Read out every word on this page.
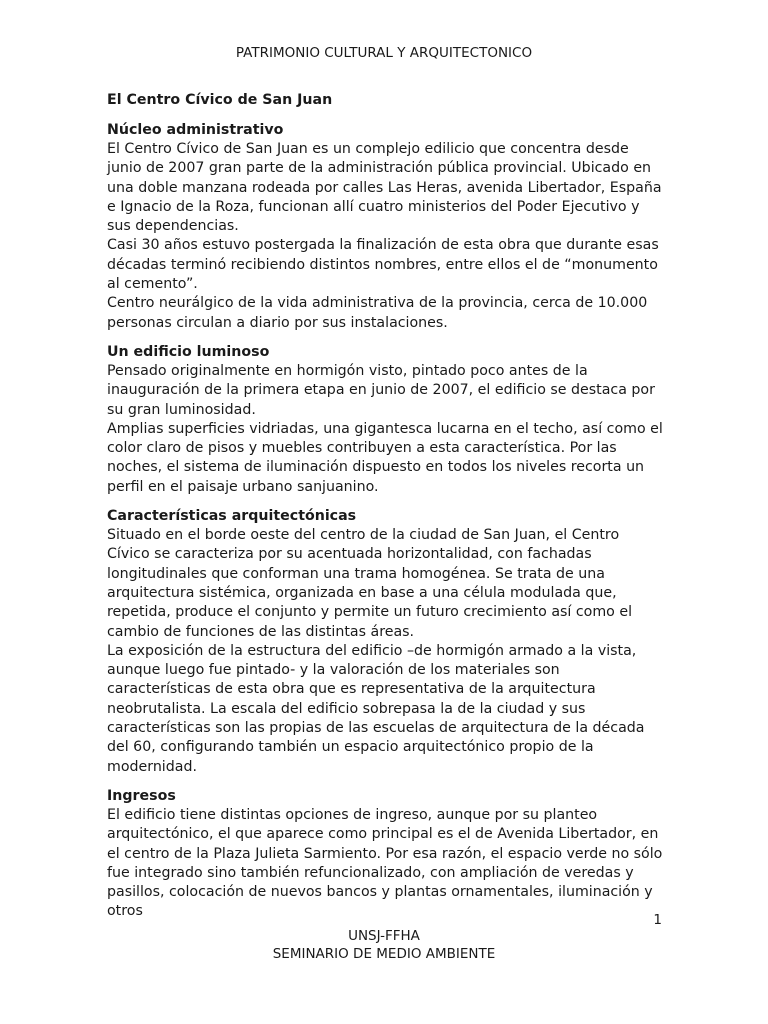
PATRIMONIO CULTURAL Y ARQUITECTONICO
El Centro Cívico de San Juan
Núcleo administrativo

El Centro Cívico de San Juan es un complejo edilicio que concentra desde junio de 2007 gran parte de la administración pública provincial. Ubicado en una doble manzana rodeada por calles Las Heras, avenida Libertador, España e Ignacio de la Roza, funcionan allí cuatro ministerios del Poder Ejecutivo y sus dependencias.

Casi 30 años estuvo postergada la finalización de esta obra que durante esas décadas terminó recibiendo distintos nombres, entre ellos el de “monumento al cemento”.

Centro neurálgico de la vida administrativa de la provincia, cerca de 10.000 personas circulan a diario por sus instalaciones.

Un edificio luminoso

Pensado originalmente en hormigón visto, pintado poco antes de la inauguración de la primera etapa en junio de 2007, el edificio se destaca por su gran luminosidad.

Amplias superficies vidriadas, una gigantesca lucarna en el techo, así como el color claro de pisos y muebles contribuyen a esta característica. Por las noches, el sistema de iluminación dispuesto en todos los niveles recorta un perfil en el paisaje urbano sanjuanino.

Características arquitectónicas

Situado en el borde oeste del centro de la ciudad de San Juan, el Centro Cívico se caracteriza por su acentuada horizontalidad, con fachadas longitudinales que conforman una trama homogénea. Se trata de una arquitectura sistémica, organizada en base a una célula modulada que, repetida, produce el conjunto y permite un futuro crecimiento así como el cambio de funciones de las distintas áreas.

La exposición de la estructura del edificio –de hormigón armado a la vista, aunque luego fue pintado- y la valoración de los materiales son características de esta obra que es representativa de la arquitectura neobrutalista. La escala del edificio sobrepasa la de la ciudad y sus características son las propias de las escuelas de arquitectura de la década del 60, configurando también un espacio arquitectónico propio de la modernidad.

Ingresos

El edificio tiene distintas opciones de ingreso, aunque por su planteo arquitectónico, el que aparece como principal es el de Avenida Libertador, en el centro de la Plaza Julieta Sarmiento. Por esa razón, el espacio verde no sólo fue integrado sino también refuncionalizado, con ampliación de veredas y pasillos, colocación de nuevos bancos y plantas ornamentales, iluminación y otros

1
UNSJ-FFHA
SEMINARIO DE MEDIO AMBIENTE
